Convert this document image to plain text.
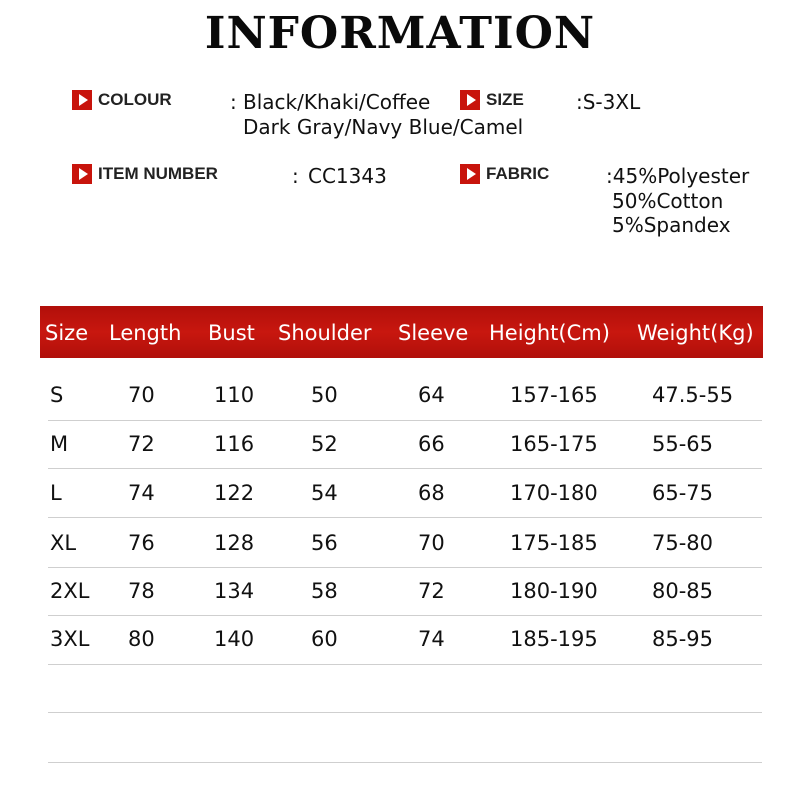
INFORMATION
COLOUR	: Black/Khaki/Coffee
Dark Gray/Navy Blue/Camel
SIZE	:S-3XL
ITEM NUMBER	: CC1343	FABRIC	:45%Polyester
50%Cotton
5%Spandex
Size Length Bust Shoulder Sleeve Height(Cm) Weight(Kg)
S	70	110	50	64	157-165	47.5-55
M	72	116	52	66	165-175	55-65
L	74	122	54	68	170-180	65-75
XL 76	128	56	70	175-185	75-80
2XL 78	134	58	72	180-190	80-85
3XL 80	140	60	74	185-195	85-95
